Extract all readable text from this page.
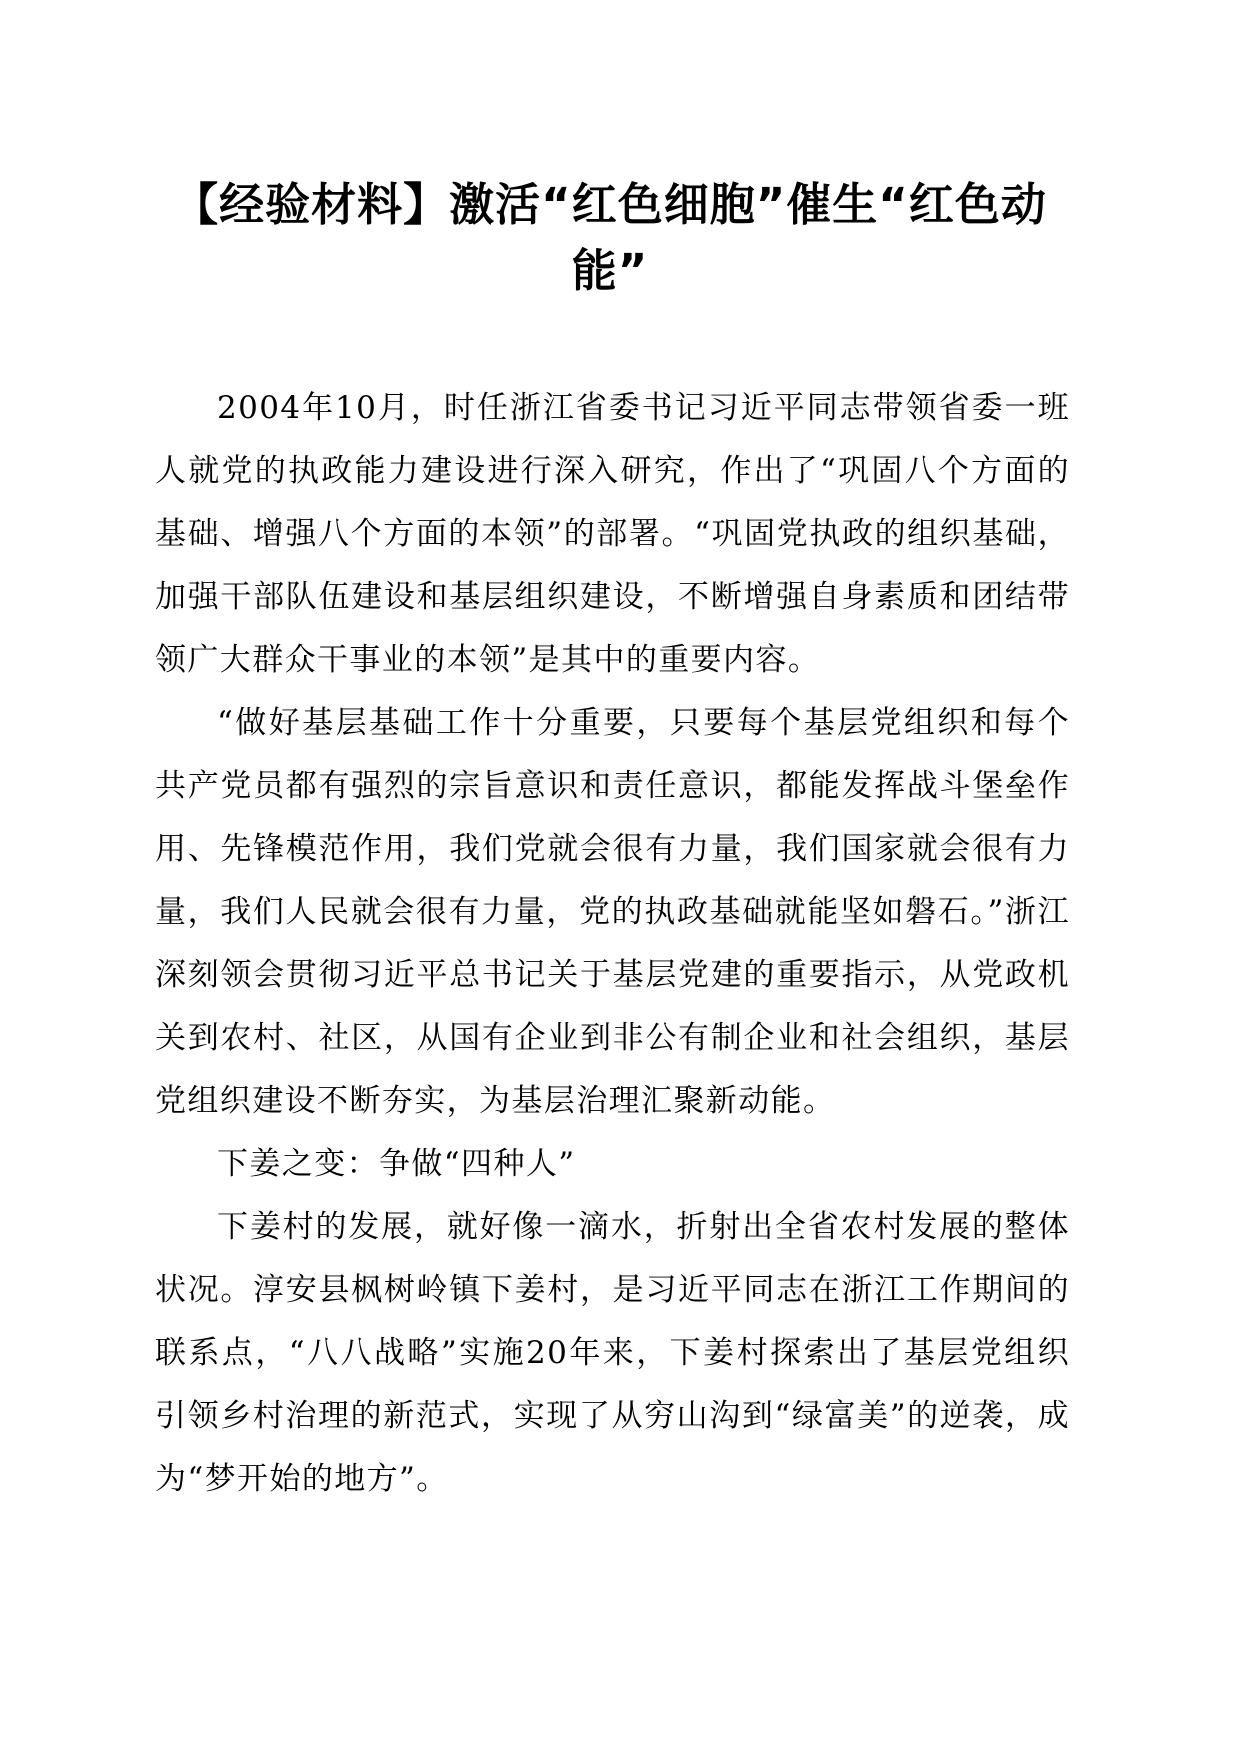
【经验材料】激活“红色细胞”催生“红色动能”

2004年10月，时任浙江省委书记习近平同志带领省委一班人就党的执政能力建设进行深入研究，作出了“巩固八个方面的基础、增强八个方面的本领”的部署。“巩固党执政的组织基础，加强干部队伍建设和基层组织建设，不断增强自身素质和团结带领广大群众干事业的本领”是其中的重要内容。

“做好基层基础工作十分重要，只要每个基层党组织和每个共产党员都有强烈的宗旨意识和责任意识，都能发挥战斗堡垒作用、先锋模范作用，我们党就会很有力量，我们国家就会很有力量，我们人民就会很有力量，党的执政基础就能坚如磐石。”浙江深刻领会贯彻习近平总书记关于基层党建的重要指示，从党政机关到农村、社区，从国有企业到非公有制企业和社会组织，基层党组织建设不断夯实，为基层治理汇聚新动能。

下姜之变：争做“四种人”

下姜村的发展，就好像一滴水，折射出全省农村发展的整体状况。淳安县枫树岭镇下姜村，是习近平同志在浙江工作期间的联系点，“八八战略”实施20年来，下姜村探索出了基层党组织引领乡村治理的新范式，实现了从穷山沟到“绿富美”的逆袭，成为“梦开始的地方”。
